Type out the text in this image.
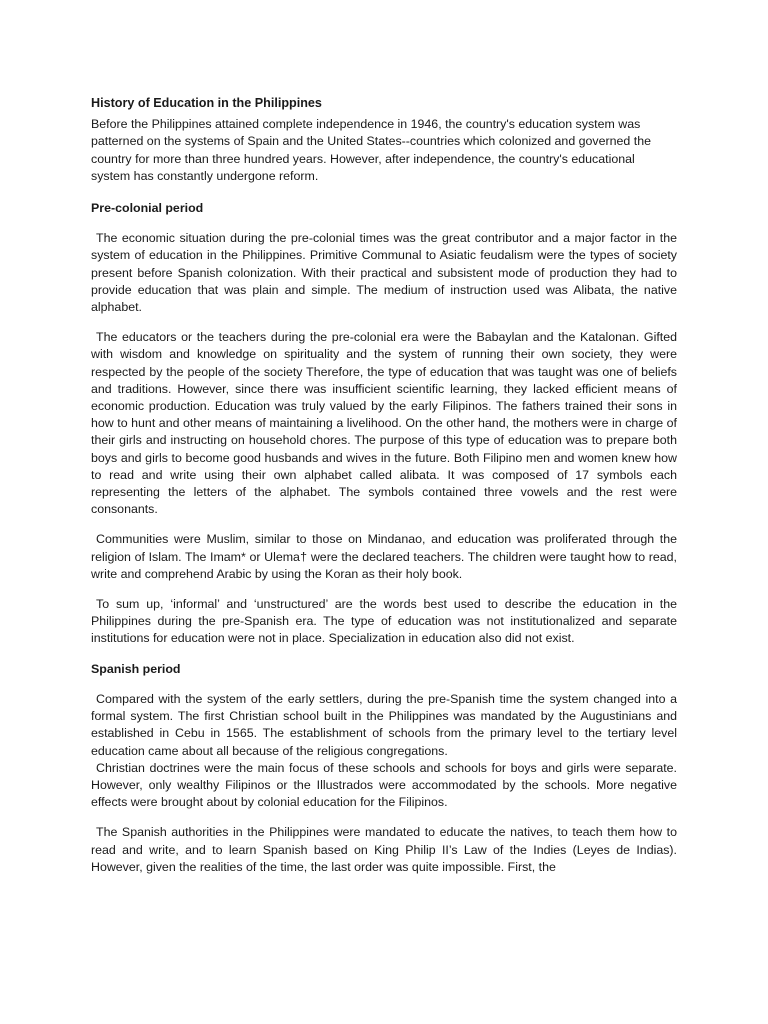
History of Education in the Philippines
Before the Philippines attained complete independence in 1946, the country's education system was patterned on the systems of Spain and the United States--countries which colonized and governed the country for more than three hundred years. However, after independence, the country's educational system has constantly undergone reform.
Pre-colonial period
The economic situation during the pre-colonial times was the great contributor and a major factor in the system of education in the Philippines. Primitive Communal to Asiatic feudalism were the types of society present before Spanish colonization. With their practical and subsistent mode of production they had to provide education that was plain and simple. The medium of instruction used was Alibata, the native alphabet.
The educators or the teachers during the pre-colonial era were the Babaylan and the Katalonan. Gifted with wisdom and knowledge on spirituality and the system of running their own society, they were respected by the people of the society Therefore, the type of education that was taught was one of beliefs and traditions. However, since there was insufficient scientific learning, they lacked efficient means of economic production. Education was truly valued by the early Filipinos. The fathers trained their sons in how to hunt and other means of maintaining a livelihood. On the other hand, the mothers were in charge of their girls and instructing on household chores. The purpose of this type of education was to prepare both boys and girls to become good husbands and wives in the future. Both Filipino men and women knew how to read and write using their own alphabet called alibata. It was composed of 17 symbols each representing the letters of the alphabet. The symbols contained three vowels and the rest were consonants.
Communities were Muslim, similar to those on Mindanao, and education was proliferated through the religion of Islam. The Imam* or Ulema† were the declared teachers. The children were taught how to read, write and comprehend Arabic by using the Koran as their holy book.
To sum up, ‘informal’ and ‘unstructured’ are the words best used to describe the education in the Philippines during the pre-Spanish era. The type of education was not institutionalized and separate institutions for education were not in place. Specialization in education also did not exist.
Spanish period
Compared with the system of the early settlers, during the pre-Spanish time the system changed into a formal system. The first Christian school built in the Philippines was mandated by the Augustinians and established in Cebu in 1565. The establishment of schools from the primary level to the tertiary level education came about all because of the religious congregations.
Christian doctrines were the main focus of these schools and schools for boys and girls were separate. However, only wealthy Filipinos or the Illustrados were accommodated by the schools. More negative effects were brought about by colonial education for the Filipinos.
The Spanish authorities in the Philippines were mandated to educate the natives, to teach them how to read and write, and to learn Spanish based on King Philip II’s Law of the Indies (Leyes de Indias). However, given the realities of the time, the last order was quite impossible. First, the
